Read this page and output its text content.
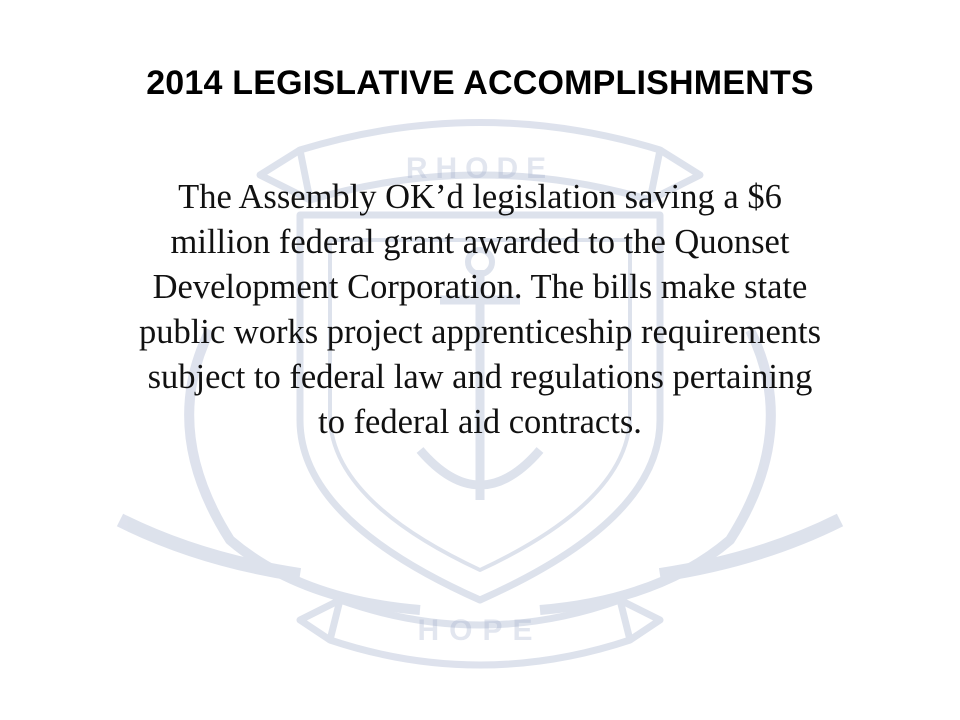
RHODE
HOPE
2014 LEGISLATIVE ACCOMPLISHMENTS
The Assembly OK’d legislation saving a $6
million federal grant awarded to the Quonset
Development Corporation. The bills make state
public works project apprenticeship requirements
subject to federal law and regulations pertaining
to federal aid contracts.
